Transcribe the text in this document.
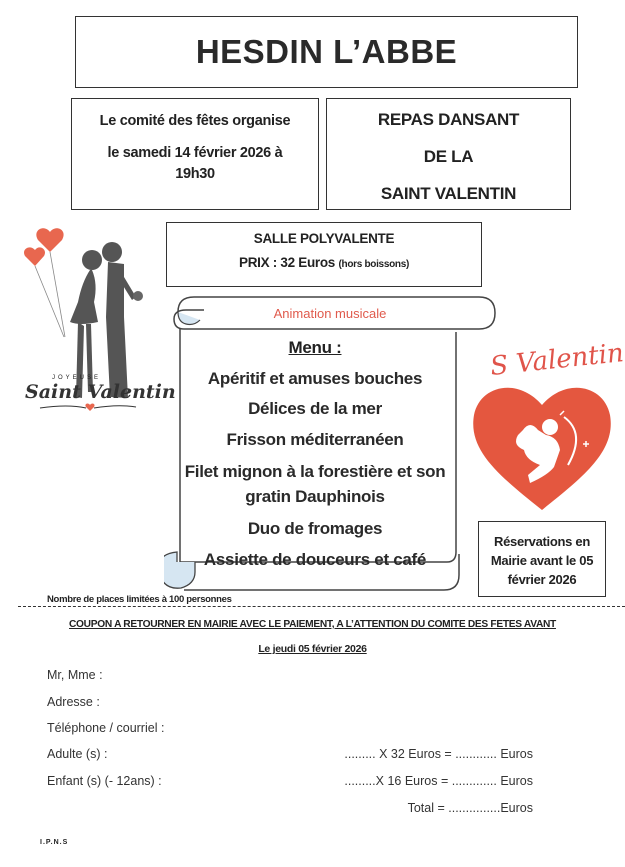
HESDIN L’ABBE
Le comité des fêtes organise
le samedi 14 février 2026 à
19h30
REPAS DANSANT
DE LA
SAINT VALENTIN
SALLE POLYVALENTE
PRIX : 32 Euros (hors boissons)
Animation musicale
Menu :
Apéritif et amuses bouches
Délices de la mer
Frisson méditerranéen
Filet mignon à la forestière et son
gratin Dauphinois
Duo de fromages
Assiette de douceurs et café
JOYEUSE
Saint Valentin
S Valentin
Réservations en
Mairie avant le 05
février 2026
Nombre de places limitées à 100 personnes
COUPON A RETOURNER EN MAIRIE AVEC LE PAIEMENT, A L’ATTENTION DU COMITE DES FETES AVANT
Le jeudi 05 février 2026
Mr, Mme :
Adresse :
Téléphone / courriel :
Adulte (s) :
Enfant (s) (- 12ans) :
......... X 32 Euros = ............ Euros
.........X 16 Euros = ............. Euros
Total = ...............Euros
I.P.N.S
